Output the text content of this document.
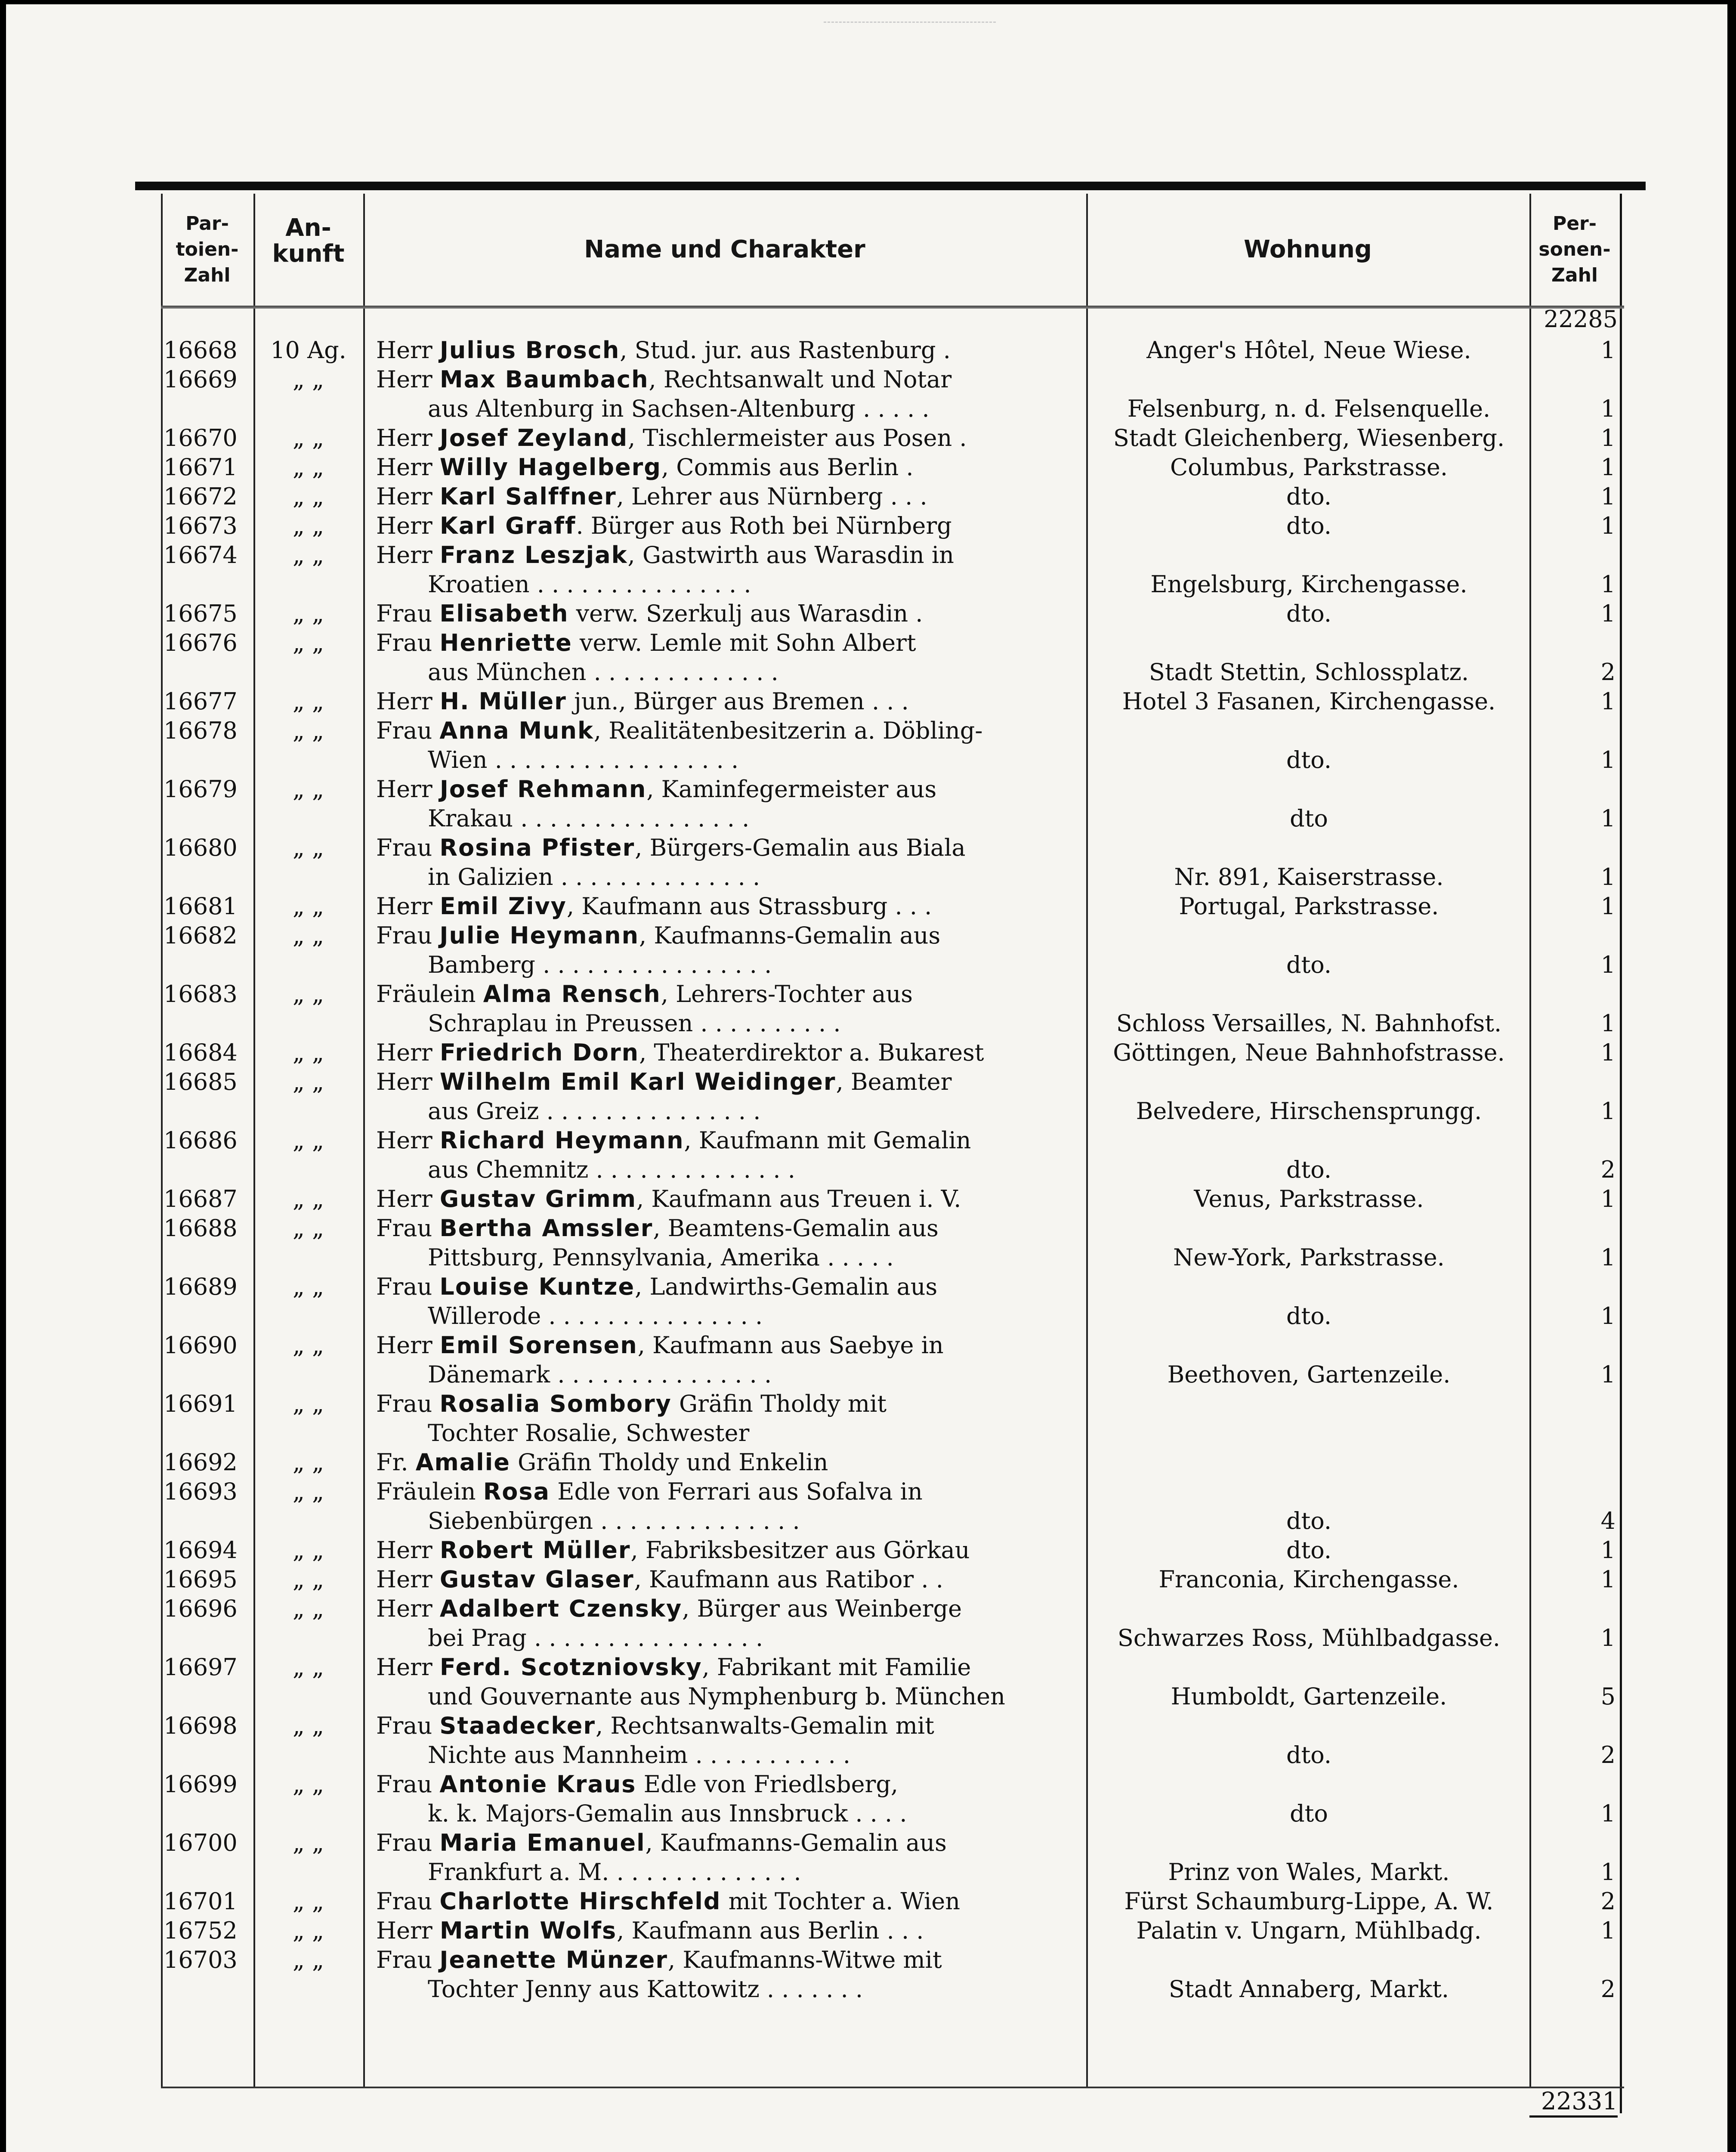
Par-
toien-
Zahl
An-
kunft	Name und Charakter	Wohnung
Per-
sonen-
Zahl
22285
16668	10 Ag.	Herr Julius Brosch, Stud. jur. aus Rastenburg .	Anger's Hôtel, Neue Wiese.	1
16669	„ „	Herr Max Baumbach, Rechtsanwalt und Notar
aus Altenburg in Sachsen-Altenburg . . . . .	Felsenburg, n. d. Felsenquelle.	1
16670	„ „	Herr Josef Zeyland, Tischlermeister aus Posen .	Stadt Gleichenberg, Wiesenberg.	1
16671	„ „	Herr Willy Hagelberg, Commis aus Berlin .	Columbus, Parkstrasse.	1
16672	„ „	Herr Karl Salffner, Lehrer aus Nürnberg . . .	dto.	1
16673	„ „	Herr Karl Graff. Bürger aus Roth bei Nürnberg	dto.	1
16674	„ „	Herr Franz Leszjak, Gastwirth aus Warasdin in
Kroatien . . . . . . . . . . . . . . .	Engelsburg, Kirchengasse.	1
16675	„ „	Frau Elisabeth verw. Szerkulj aus Warasdin .	dto.	1
16676	„ „	Frau Henriette verw. Lemle mit Sohn Albert
aus München . . . . . . . . . . . . .	Stadt Stettin, Schlossplatz.	2
16677	„ „	Herr H. Müller jun., Bürger aus Bremen . . .	Hotel 3 Fasanen, Kirchengasse.	1
16678	„ „	Frau Anna Munk, Realitätenbesitzerin a. Döbling-
Wien . . . . . . . . . . . . . . . . .	dto.	1
16679	„ „	Herr Josef Rehmann, Kaminfegermeister aus
Krakau . . . . . . . . . . . . . . . .	dto	1
16680	„ „	Frau Rosina Pfister, Bürgers-Gemalin aus Biala
in Galizien . . . . . . . . . . . . . .	Nr. 891, Kaiserstrasse.	1
16681	„ „	Herr Emil Zivy, Kaufmann aus Strassburg . . .	Portugal, Parkstrasse.	1
16682	„ „	Frau Julie Heymann, Kaufmanns-Gemalin aus
Bamberg . . . . . . . . . . . . . . . .	dto.	1
16683	„ „	Fräulein Alma Rensch, Lehrers-Tochter aus
Schraplau in Preussen . . . . . . . . . .	Schloss Versailles, N. Bahnhofst.	1
16684	„ „	Herr Friedrich Dorn, Theaterdirektor a. Bukarest	Göttingen, Neue Bahnhofstrasse.	1
16685	„ „	Herr Wilhelm Emil Karl Weidinger, Beamter
aus Greiz . . . . . . . . . . . . . . .	Belvedere, Hirschensprungg.	1
16686	„ „	Herr Richard Heymann, Kaufmann mit Gemalin
aus Chemnitz . . . . . . . . . . . . . .	dto.	2
16687	„ „	Herr Gustav Grimm, Kaufmann aus Treuen i. V.	Venus, Parkstrasse.	1
16688	„ „	Frau Bertha Amssler, Beamtens-Gemalin aus
Pittsburg, Pennsylvania, Amerika . . . . .	New-York, Parkstrasse.	1
16689	„ „	Frau Louise Kuntze, Landwirths-Gemalin aus
Willerode . . . . . . . . . . . . . . .	dto.	1
16690	„ „	Herr Emil Sorensen, Kaufmann aus Saebye in
Dänemark . . . . . . . . . . . . . . .	Beethoven, Gartenzeile.	1
16691	„ „	Frau Rosalia Sombory Gräfin Tholdy mit
Tochter Rosalie, Schwester
16692	„ „	Fr. Amalie Gräfin Tholdy und Enkelin
16693	„ „	Fräulein Rosa Edle von Ferrari aus Sofalva in
Siebenbürgen . . . . . . . . . . . . . .	dto.	4
16694	„ „	Herr Robert Müller, Fabriksbesitzer aus Görkau	dto.	1
16695	„ „	Herr Gustav Glaser, Kaufmann aus Ratibor . .	Franconia, Kirchengasse.	1
16696	„ „	Herr Adalbert Czensky, Bürger aus Weinberge
bei Prag . . . . . . . . . . . . . . . .	Schwarzes Ross, Mühlbadgasse.	1
16697	„ „	Herr Ferd. Scotzniovsky, Fabrikant mit Familie
und Gouvernante aus Nymphenburg b. München	Humboldt, Gartenzeile.	5
16698	„ „	Frau Staadecker, Rechtsanwalts-Gemalin mit
Nichte aus Mannheim . . . . . . . . . . .	dto.	2
16699	„ „	Frau Antonie Kraus Edle von Friedlsberg,
k. k. Majors-Gemalin aus Innsbruck . . . .	dto	1
16700	„ „	Frau Maria Emanuel, Kaufmanns-Gemalin aus
Frankfurt a. M. . . . . . . . . . . . . .	Prinz von Wales, Markt.	1
16701	„ „	Frau Charlotte Hirschfeld mit Tochter a. Wien	Fürst Schaumburg-Lippe, A. W.	2
16752	„ „	Herr Martin Wolfs, Kaufmann aus Berlin . . .	Palatin v. Ungarn, Mühlbadg.	1
16703	„ „	Frau Jeanette Münzer, Kaufmanns-Witwe mit
Tochter Jenny aus Kattowitz . . . . . . .	Stadt Annaberg, Markt.	2
22331
